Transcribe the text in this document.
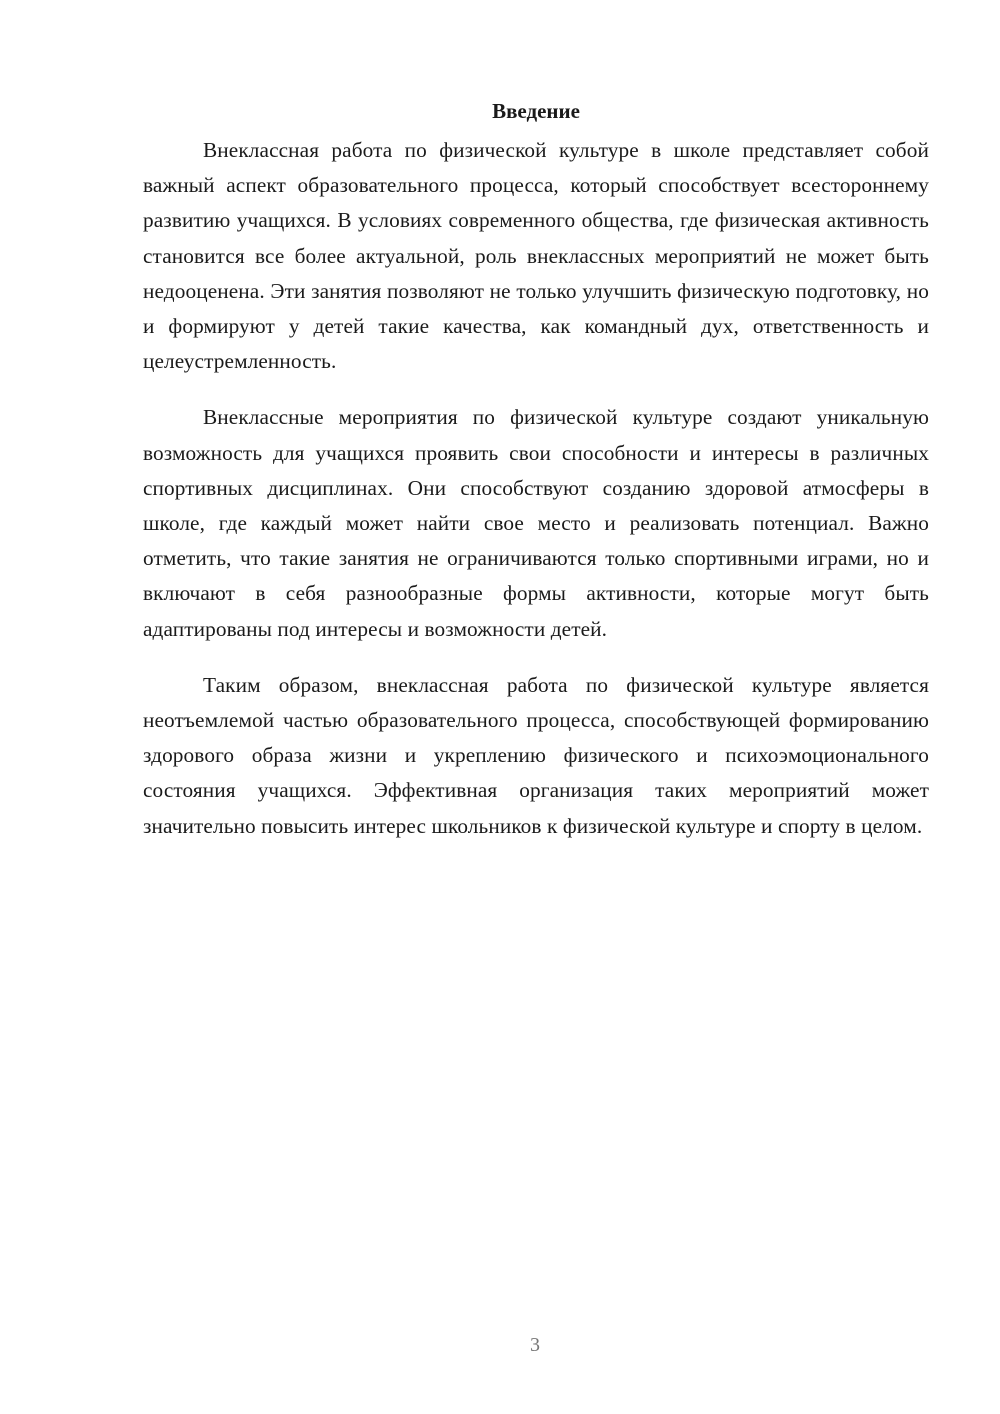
Введение

Внеклассная работа по физической культуре в школе представляет собой важный аспект образовательного процесса, который способствует всестороннему развитию учащихся. В условиях современного общества, где физическая активность становится все более актуальной, роль внеклассных мероприятий не может быть недооценена. Эти занятия позволяют не только улучшить физическую подготовку, но и формируют у детей такие качества, как командный дух, ответственность и целеустремленность.

Внеклассные мероприятия по физической культуре создают уникальную возможность для учащихся проявить свои способности и интересы в различных спортивных дисциплинах. Они способствуют созданию здоровой атмосферы в школе, где каждый может найти свое место и реализовать потенциал. Важно отметить, что такие занятия не ограничиваются только спортивными играми, но и включают в себя разнообразные формы активности, которые могут быть адаптированы под интересы и возможности детей.

Таким образом, внеклассная работа по физической культуре является неотъемлемой частью образовательного процесса, способствующей формированию здорового образа жизни и укреплению физического и психоэмоционального состояния учащихся. Эффективная организация таких мероприятий может значительно повысить интерес школьников к физической культуре и спорту в целом.

3
